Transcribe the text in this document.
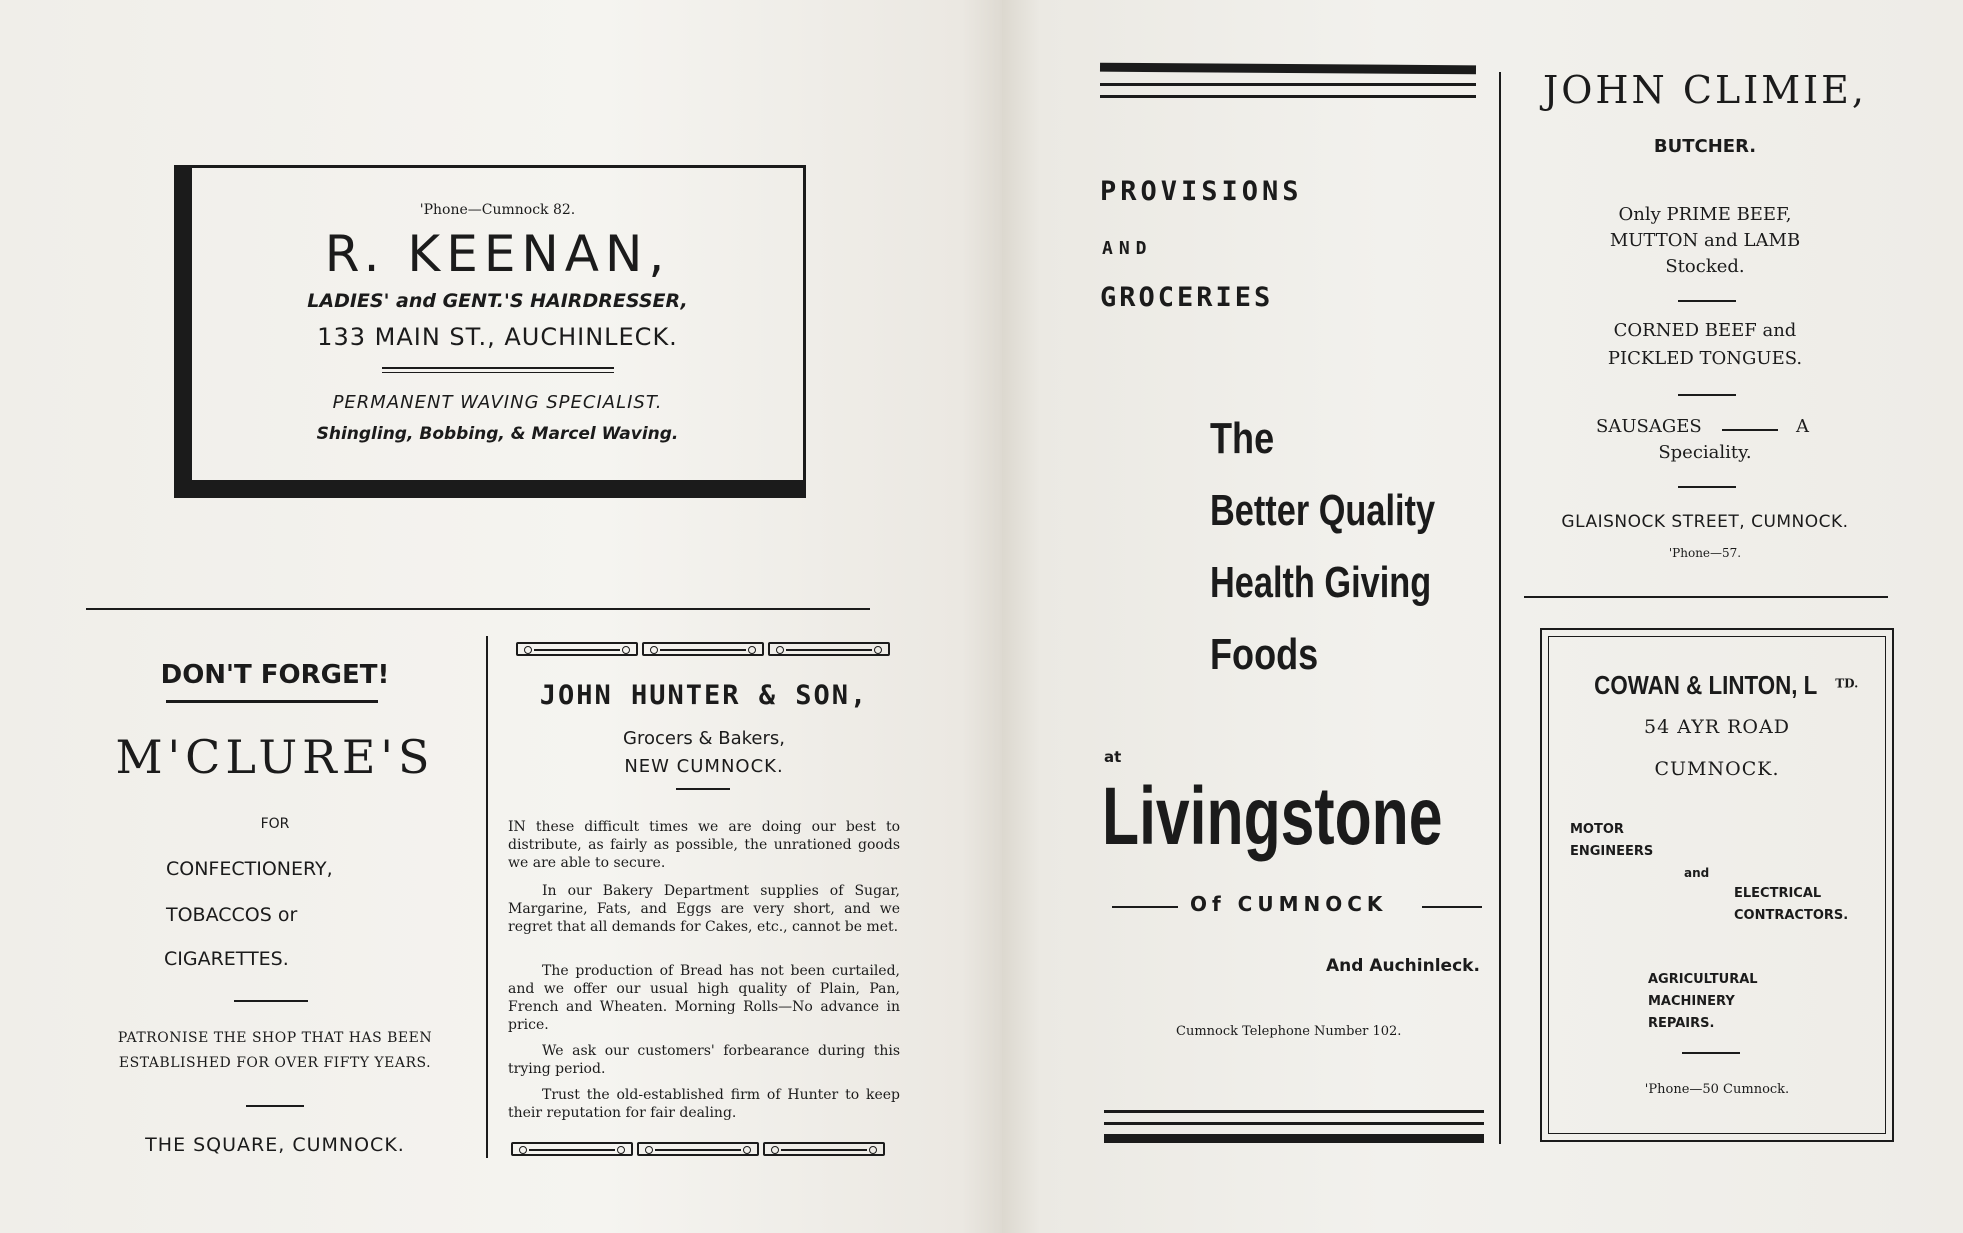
'Phone—Cumnock 82.
R. KEENAN,
LADIES' and GENT.'S HAIRDRESSER,
133 MAIN ST., AUCHINLECK.
PERMANENT WAVING SPECIALIST.
Shingling, Bobbing, & Marcel Waving.
DON'T FORGET!
M'CLURE'S
FOR
CONFECTIONERY,
TOBACCOS or
CIGARETTES.
PATRONISE THE SHOP THAT HAS BEEN
ESTABLISHED FOR OVER FIFTY YEARS.
THE SQUARE, CUMNOCK.
JOHN HUNTER & SON,
Grocers & Bakers,
NEW CUMNOCK.
IN these difficult times we are doing our best to distribute, as fairly as possible, the unrationed goods we are able to secure.
In our Bakery Department supplies of Sugar, Margarine, Fats, and Eggs are very short, and we regret that all demands for Cakes, etc., cannot be met.
The production of Bread has not been curtailed, and we offer our usual high quality of Plain, Pan, French and Wheaten. Morning Rolls—No advance in price.
We ask our customers' forbearance during this trying period.
Trust the old-established firm of Hunter to keep their reputation for fair dealing.
PROVISIONS
AND
GROCERIES
The
Better Quality
Health Giving
Foods
at
Livingstone
Of CUMNOCK
And Auchinleck.
Cumnock Telephone Number 102.
JOHN CLIMIE,
BUTCHER.
Only PRIME BEEF,
MUTTON and LAMB
Stocked.
CORNED BEEF and
PICKLED TONGUES.
SAUSAGES	A
Speciality.
GLAISNOCK STREET, CUMNOCK.
'Phone—57.
COWAN & LINTON, L $^{TD.}$
54 AYR ROAD
CUMNOCK.
MOTOR
ENGINEERS
and
ELECTRICAL
CONTRACTORS.
AGRICULTURAL
MACHINERY
REPAIRS.
'Phone—50 Cumnock.
